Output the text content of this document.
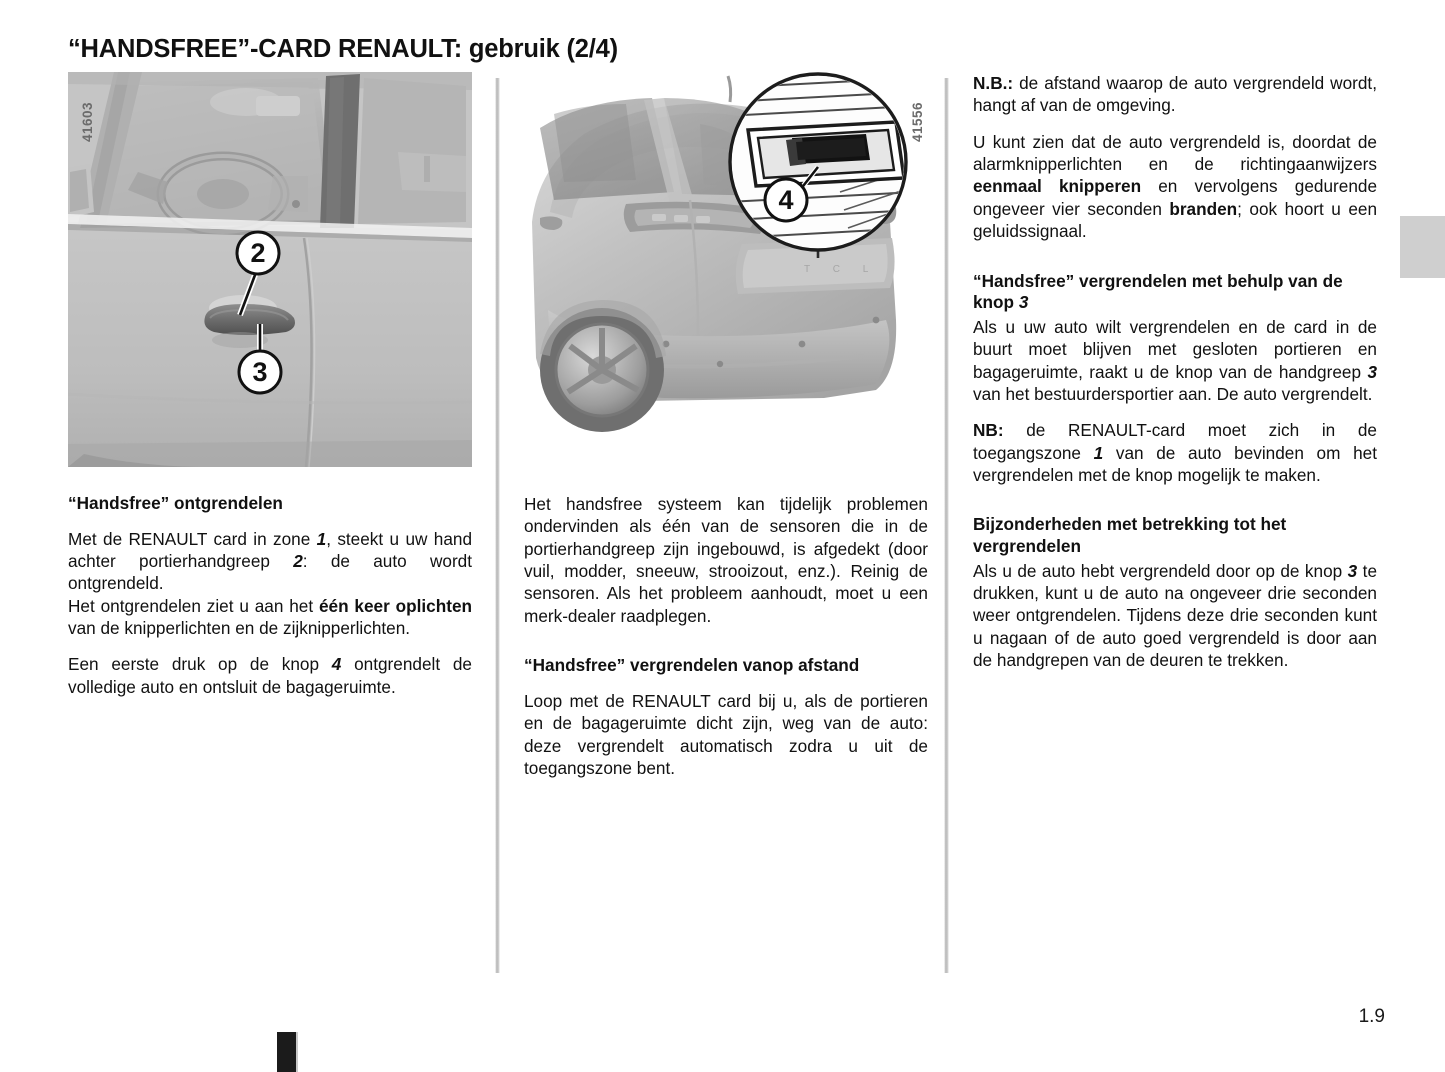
“HANDSFREE”-CARD RENAULT: gebruik (2/4)
41603
2
3
“Handsfree” ontgrendelen

Met de RENAULT card in zone 1, steekt u uw hand achter portierhandgreep 2: de auto wordt ontgrendeld.
Het ontgrendelen ziet u aan het één keer oplichten van de knipperlichten en de zijknipperlichten.

Een eerste druk op de knop 4 ontgrendelt de volledige auto en ontsluit de bagageruimte.

41556
T C L
4

Het handsfree systeem kan tijdelijk problemen ondervinden als één van de sensoren die in de portierhandgreep zijn ingebouwd, is afgedekt (door vuil, modder, sneeuw, strooizout, enz.). Reinig de sensoren. Als het probleem aanhoudt, moet u een merk-dealer raadplegen.

“Handsfree” vergrendelen vanop afstand

Loop met de RENAULT card bij u, als de portieren en de bagageruimte dicht zijn, weg van de auto: deze vergrendelt automatisch zodra u uit de toegangszone bent.

N.B.: de afstand waarop de auto vergrendeld wordt, hangt af van de omgeving.

U kunt zien dat de auto vergrendeld is, doordat de alarmknipperlichten en de richtingaanwijzers eenmaal knipperen en vervolgens gedurende ongeveer vier seconden branden; ook hoort u een geluidssignaal.

“Handsfree” vergrendelen met behulp van de knop 3

Als u uw auto wilt vergrendelen en de card in de buurt moet blijven met gesloten portieren en bagageruimte, raakt u de knop van de handgreep 3 van het bestuurdersportier aan. De auto vergrendelt.

NB: de RENAULT-card moet zich in de toegangszone 1 van de auto bevinden om het vergrendelen met de knop mogelijk te maken.

Bijzonderheden met betrekking tot het vergrendelen

Als u de auto hebt vergrendeld door op de knop 3 te drukken, kunt u de auto na ongeveer drie seconden weer ontgrendelen. Tijdens deze drie seconden kunt u nagaan of de auto goed vergrendeld is door aan de handgrepen van de deuren te trekken.

1.9
